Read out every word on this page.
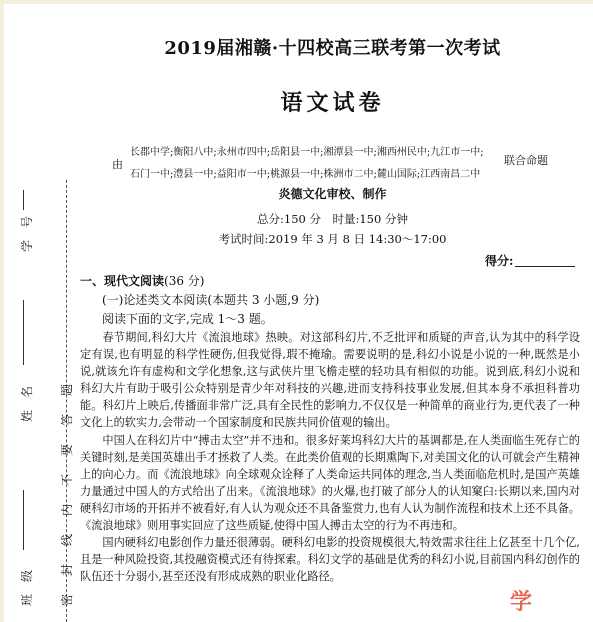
班　级
姓　名
学　号
密　封　线　内　不　要　答　题
2019届湘赣·十四校高三联考第一次考试
语文试卷
由
长郡中学;衡阳八中;永州市四中;岳阳县一中;湘潭县一中;湘西州民中;九江市一中;
石门一中;澧县一中;益阳市一中;桃源县一中;株洲市二中;麓山国际;江西南昌二中
联合命题
炎德文化审校、制作
总分:150 分　时量:150 分钟
考试时间:2019 年 3 月 8 日 14:30～17:00
得分:
一、现代文阅读(36 分)
(一)论述类文本阅读(本题共 3 小题,9 分)
阅读下面的文字,完成 1～3 题。

春节期间,科幻大片《流浪地球》热映。对这部科幻片,不乏批评和质疑的声音,认为其中的科学设定有误,也有明显的科学性硬伤,但我觉得,瑕不掩瑜。需要说明的是,科幻小说是小说的一种,既然是小说,就该允许有虚构和文学化想象,这与武侠片里飞檐走壁的轻功具有相似的功能。说到底,科幻小说和科幻大片有助于吸引公众特别是青少年对科技的兴趣,进而支持科技事业发展,但其本身不承担科普功能。科幻片上映后,传播面非常广泛,具有全民性的影响力,不仅仅是一种简单的商业行为,更代表了一种文化上的软实力,会带动一个国家制度和民族共同价值观的输出。

中国人在科幻片中“搏击太空”并不违和。很多好莱坞科幻大片的基调都是,在人类面临生死存亡的关键时刻,是美国英雄出手才拯救了人类。在此类价值观的长期熏陶下,对美国文化的认可就会产生精神上的向心力。而《流浪地球》向全球观众诠释了人类命运共同体的理念,当人类面临危机时,是国产英雄力量通过中国人的方式给出了出来。《流浪地球》的火爆,也打破了部分人的认知窠臼:长期以来,国内对硬科幻市场的开拓并不被看好,有人认为观众还不具备鉴赏力,也有人认为制作流程和技术上还不具备。《流浪地球》则用事实回应了这些质疑,使得中国人搏击太空的行为不再违和。

国内硬科幻电影创作力量还很薄弱。硬科幻电影的投资规模很大,特效需求往往上亿甚至十几个亿,且是一种风险投资,其投融资模式还有待探索。科幻文学的基础是优秀的科幻小说,目前国内科幻创作的队伍还十分弱小,甚至还没有形成成熟的职业化路径。

学
